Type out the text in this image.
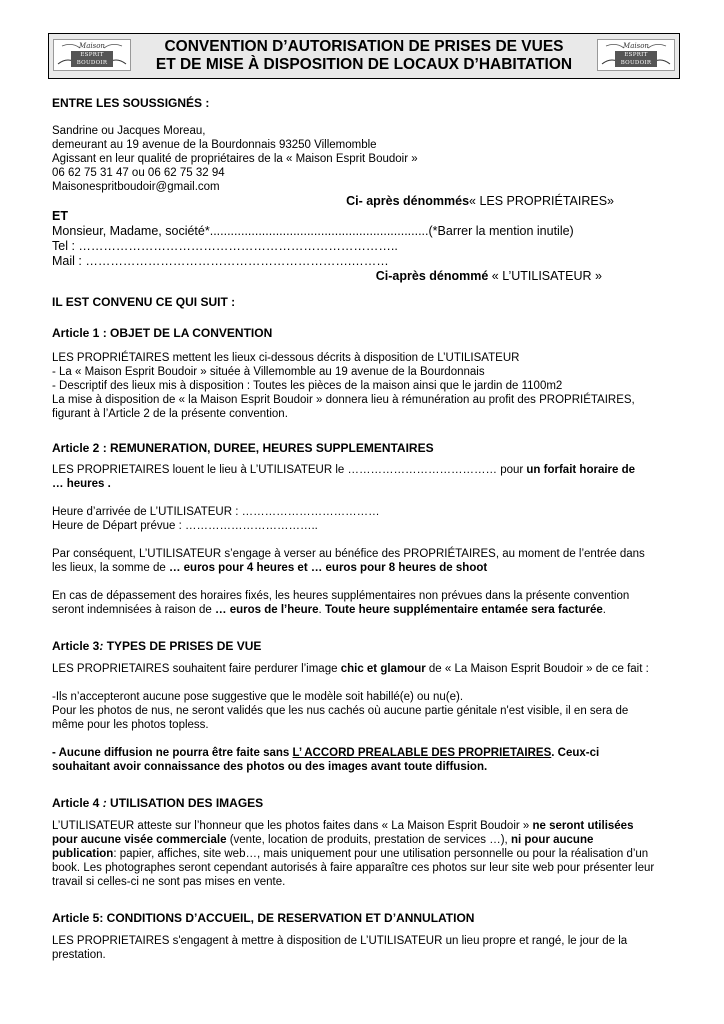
Maison
ESPRIT BOUDOIR
CONVENTION D’AUTORISATION DE PRISES DE VUES
ET DE MISE À DISPOSITION DE LOCAUX D’HABITATION
Maison
ESPRIT BOUDOIR

ENTRE LES SOUSSIGNÉS :

Sandrine ou Jacques Moreau,

demeurant au 19 avenue de la Bourdonnais 93250 Villemomble

Agissant en leur qualité de propriétaires de la « Maison Esprit Boudoir »

06 62 75 31 47 ou 06 62 75 32 94

Maisonespritboudoir@gmail.com

Ci- après dénommés« LES PROPRIÉTAIRES»

ET

Monsieur, Madame, société*...............................................................(*Barrer la mention inutile)

Tel : …………………………………………………………………..

Mail : ……………………………………………………….………

Ci-après dénommé « L’UTILISATEUR »

IL EST CONVENU CE QUI SUIT :

Article 1 : OBJET DE LA CONVENTION

LES PROPRIÉTAIRES mettent les lieux ci-dessous décrits à disposition de L’UTILISATEUR

- La « Maison Esprit Boudoir » située à Villemomble au 19 avenue de la Bourdonnais

- Descriptif des lieux mis à disposition : Toutes les pièces de la maison ainsi que le jardin de 1100m2

La mise à disposition de « la Maison Esprit Boudoir » donnera lieu à rémunération au profit des PROPRIÉTAIRES,

figurant à l’Article 2 de la présente convention.

Article 2 : REMUNERATION, DUREE, HEURES SUPPLEMENTAIRES

LES PROPRIETAIRES louent le lieu à L’UTILISATEUR le ………………………………… pour un forfait horaire de

… heures .

Heure d’arrivée de L’UTILISATEUR : ………………………………

Heure de Départ prévue : ……………………………..

Par conséquent, L’UTILISATEUR s’engage à verser au bénéfice des PROPRIÉTAIRES, au moment de l’entrée dans

les lieux, la somme de … euros pour 4 heures et … euros pour 8 heures de shoot

En cas de dépassement des horaires fixés, les heures supplémentaires non prévues dans la présente convention

seront indemnisées à raison de … euros de l’heure. Toute heure supplémentaire entamée sera facturée.

Article 3: TYPES DE PRISES DE VUE

LES PROPRIETAIRES souhaitent faire perdurer l’image chic et glamour de « La Maison Esprit Boudoir » de ce fait :

-Ils n’accepteront aucune pose suggestive que le modèle soit habillé(e) ou nu(e).

Pour les photos de nus, ne seront validés que les nus cachés où aucune partie génitale n'est visible, il en sera de

même pour les photos topless.

- Aucune diffusion ne pourra être faite sans L’ ACCORD PREALABLE DES PROPRIETAIRES. Ceux-ci

souhaitant avoir connaissance des photos ou des images avant toute diffusion.

Article 4 : UTILISATION DES IMAGES

L’UTILISATEUR atteste sur l’honneur que les photos faites dans « La Maison Esprit Boudoir » ne seront utilisées

pour aucune visée commerciale (vente, location de produits, prestation de services …), ni pour aucune

publication: papier, affiches, site web…, mais uniquement pour une utilisation personnelle ou pour la réalisation d’un

book. Les photographes seront cependant autorisés à faire apparaître ces photos sur leur site web pour présenter leur

travail si celles-ci ne sont pas mises en vente.

Article 5: CONDITIONS D’ACCUEIL, DE RESERVATION ET D’ANNULATION

LES PROPRIETAIRES s'engagent à mettre à disposition de L’UTILISATEUR un lieu propre et rangé, le jour de la

prestation.
